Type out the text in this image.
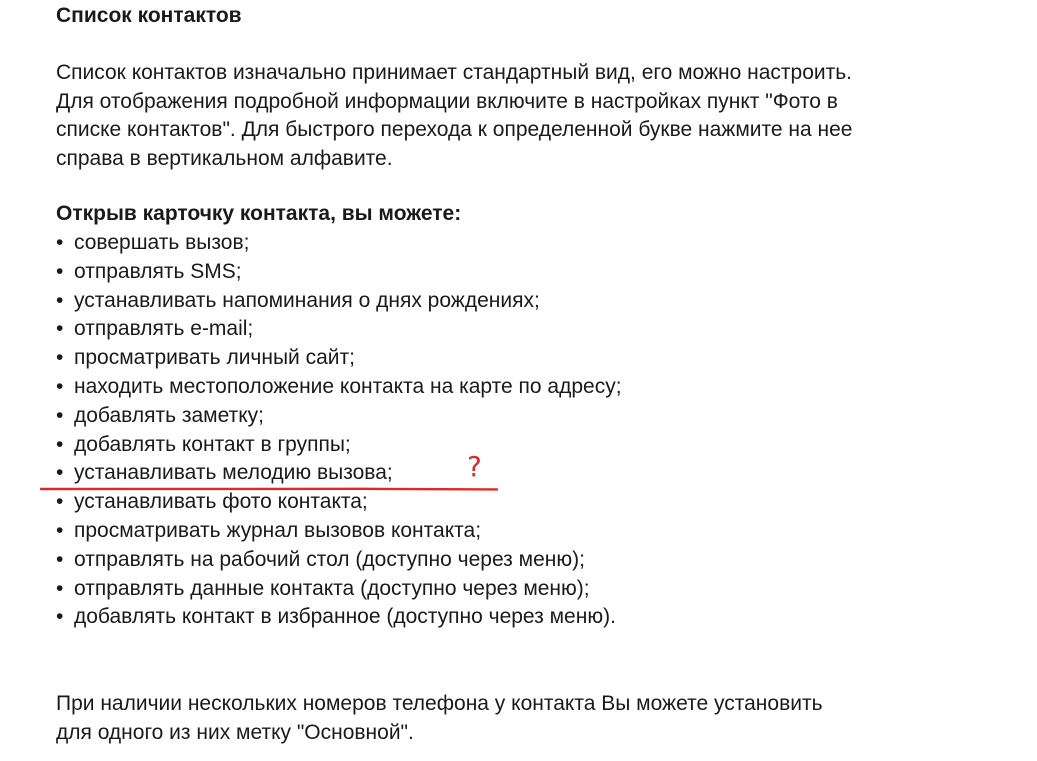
Список контактов

Список контактов изначально принимает стандартный вид, его можно настроить.
Для отображения подробной информации включите в настройках пункт "Фото в
списке контактов". Для быстрого перехода к определенной букве нажмите на нее
справа в вертикальном алфавите.

Открыв карточку контакта, вы можете:
• совершать вызов;
• отправлять SMS;
• устанавливать напоминания о днях рождениях;
• отправлять e-mail;
• просматривать личный сайт;
• находить местоположение контакта на карте по адресу;
• добавлять заметку;
• добавлять контакт в группы;
• устанавливать мелодию вызова;
• устанавливать фото контакта;
• просматривать журнал вызовов контакта;
• отправлять на рабочий стол (доступно через меню);
• отправлять данные контакта (доступно через меню);
• добавлять контакт в избранное (доступно через меню).

При наличии нескольких номеров телефона у контакта Вы можете установить
для одного из них метку "Основной".

?
